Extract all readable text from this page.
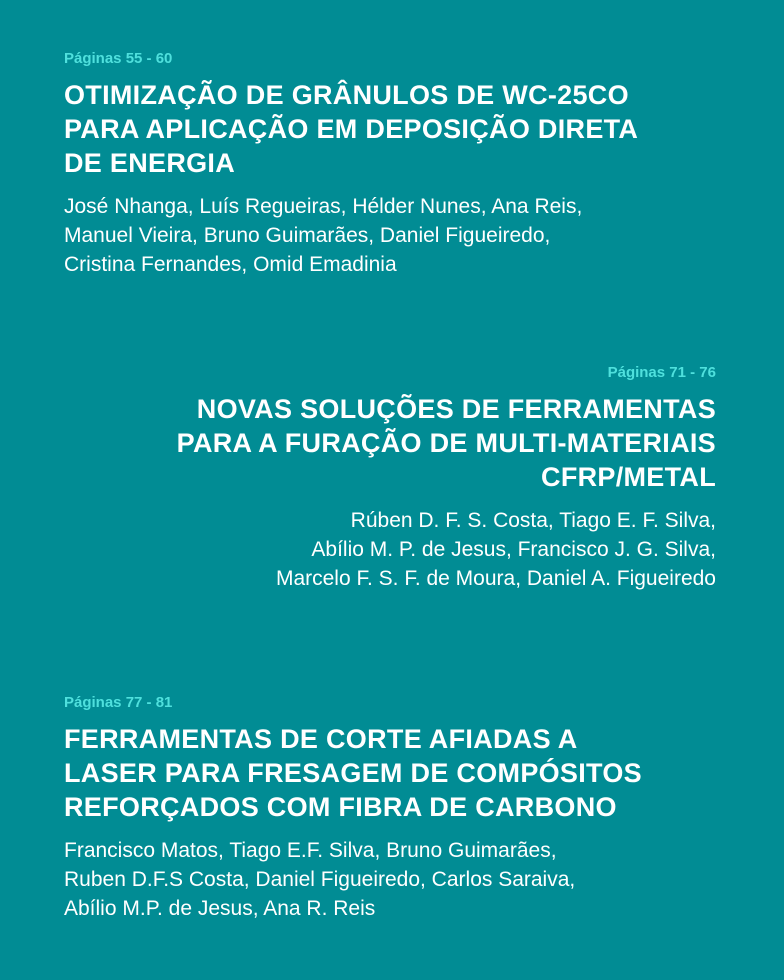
Páginas 55 - 60
OTIMIZAÇÃO DE GRÂNULOS DE WC-25CO
PARA APLICAÇÃO EM DEPOSIÇÃO DIRETA
DE ENERGIA
José Nhanga, Luís Regueiras, Hélder Nunes, Ana Reis,
Manuel Vieira, Bruno Guimarães, Daniel Figueiredo,
Cristina Fernandes, Omid Emadinia
Páginas 71 - 76
NOVAS SOLUÇÕES DE FERRAMENTAS
PARA A FURAÇÃO DE MULTI-MATERIAIS
CFRP/METAL
Rúben D. F. S. Costa, Tiago E. F. Silva,
Abílio M. P. de Jesus, Francisco J. G. Silva,
Marcelo F. S. F. de Moura, Daniel A. Figueiredo
Páginas 77 - 81
FERRAMENTAS DE CORTE AFIADAS A
LASER PARA FRESAGEM DE COMPÓSITOS
REFORÇADOS COM FIBRA DE CARBONO
Francisco Matos, Tiago E.F. Silva, Bruno Guimarães,
Ruben D.F.S Costa, Daniel Figueiredo, Carlos Saraiva,
Abílio M.P. de Jesus, Ana R. Reis
